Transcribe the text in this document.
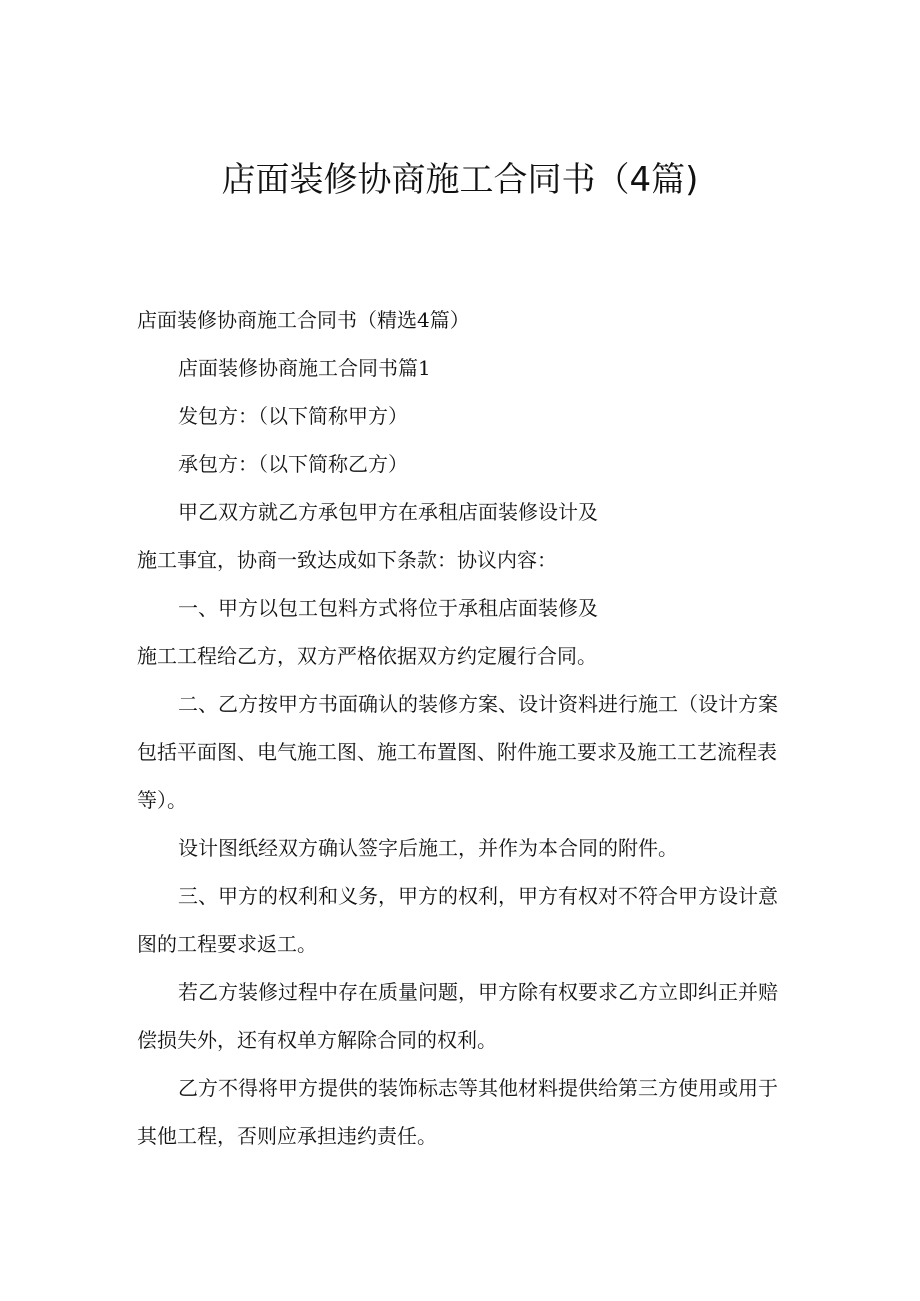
店面装修协商施工合同书（4篇)

店面装修协商施工合同书（精选4篇）

店面装修协商施工合同书篇1

发包方：（以下简称甲方）

承包方：（以下简称乙方）

甲乙双方就乙方承包甲方在承租店面装修设计及

施工事宜，协商一致达成如下条款：协议内容：

一、甲方以包工包料方式将位于承租店面装修及

施工工程给乙方，双方严格依据双方约定履行合同。

二、乙方按甲方书面确认的装修方案、设计资料进行施工（设计方案

包括平面图、电气施工图、施工布置图、附件施工要求及施工工艺流程表

等）。

设计图纸经双方确认签字后施工，并作为本合同的附件。

三、甲方的权利和义务，甲方的权利，甲方有权对不符合甲方设计意

图的工程要求返工。

若乙方装修过程中存在质量问题，甲方除有权要求乙方立即纠正并赔

偿损失外，还有权单方解除合同的权利。

乙方不得将甲方提供的装饰标志等其他材料提供给第三方使用或用于

其他工程，否则应承担违约责任。
